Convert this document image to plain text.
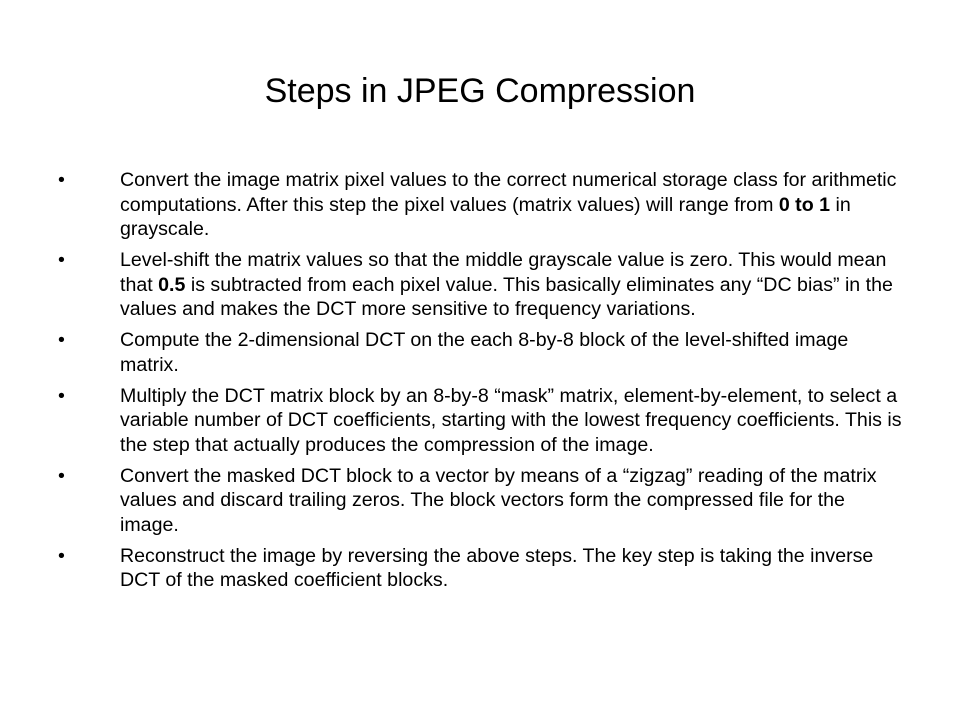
Steps in JPEG Compression
•	Convert the image matrix pixel values to the correct numerical storage class for arithmetic computations. After this step the pixel values (matrix values) will range from 0 to 1 in grayscale.
•	Level-shift the matrix values so that the middle grayscale value is zero. This would mean that 0.5 is subtracted from each pixel value. This basically eliminates any “DC bias” in the values and makes the DCT more sensitive to frequency variations.
•	Compute the 2-dimensional DCT on the each 8-by-8 block of the level-shifted image matrix.
•	Multiply the DCT matrix block by an 8-by-8 “mask” matrix, element-by-element, to select a variable number of DCT coefficients, starting with the lowest frequency coefficients. This is the step that actually produces the compression of the image.
•	Convert the masked DCT block to a vector by means of a “zigzag” reading of the matrix values and discard trailing zeros. The block vectors form the compressed file for the image.
•	Reconstruct the image by reversing the above steps. The key step is taking the inverse DCT of the masked coefficient blocks.
